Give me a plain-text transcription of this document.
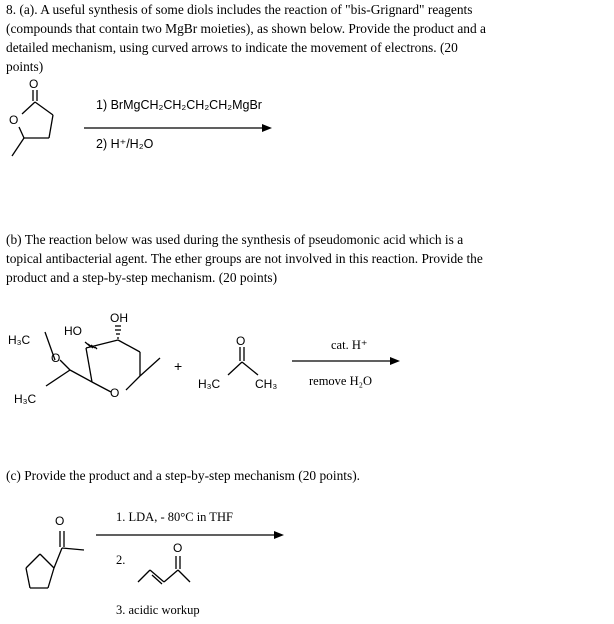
8. (a). A useful synthesis of some diols includes the reaction of "bis-Grignard" reagents
(compounds that contain two MgBr moieties), as shown below. Provide the product and a
detailed mechanism, using curved arrows to indicate the movement of electrons. (20
points)
O
O
1) BrMgCH₂CH₂CH₂CH₂MgBr
2) H⁺/H₂O
(b) The reaction below was used during the synthesis of pseudomonic acid which is a
topical antibacterial agent. The ether groups are not involved in this reaction. Provide the
product and a step-by-step mechanism. (20 points)
OH
HO
H₃C
H₃C
O
O
+
O
H₃C	CH₃
cat. H⁺
remove H₂O
(c) Provide the product and a step-by-step mechanism (20 points).
O	1. LDA, - 80°C in THF
2.
O
3. acidic workup
